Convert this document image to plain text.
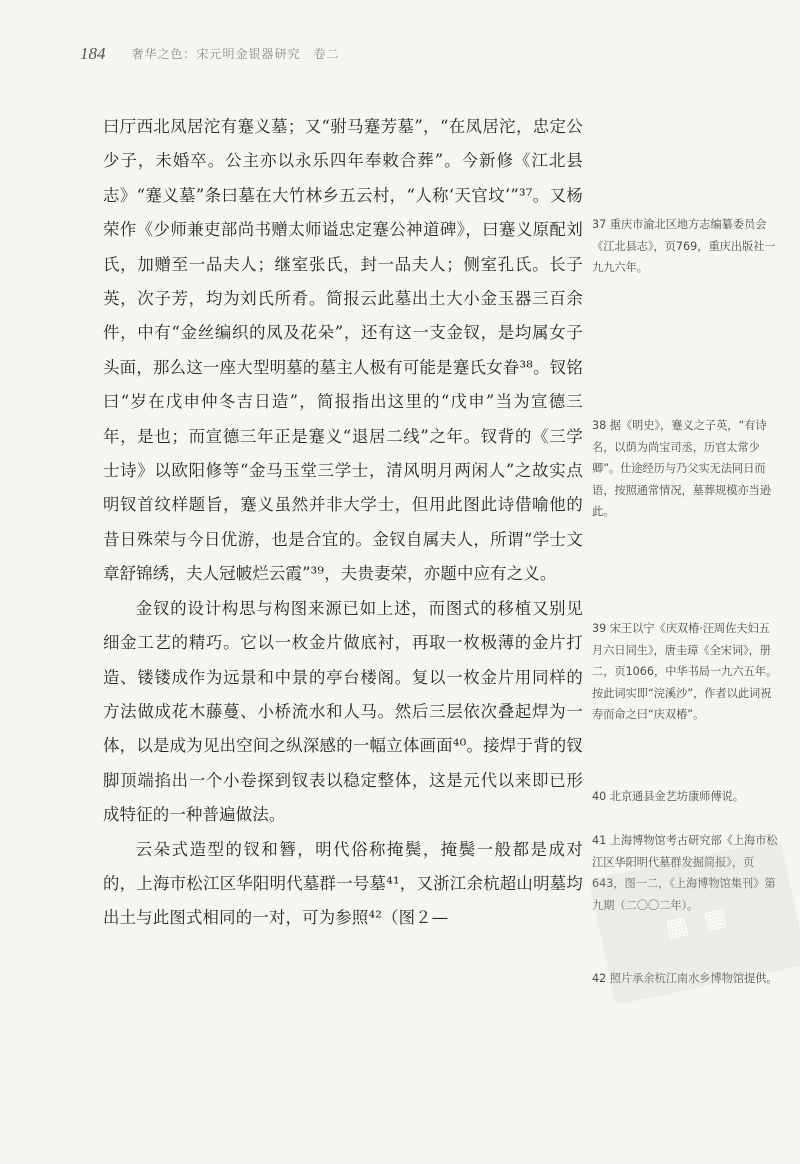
184 奢华之色：宋元明金银器研究　卷二

曰厅西北凤居沱有蹇义墓；又“驸马蹇芳墓”，“在凤居沱，忠定公少子，未婚卒。公主亦以永乐四年奉敕合葬”。今新修《江北县志》“蹇义墓”条曰墓在大竹林乡五云村，“人称‘天官坟’”³⁷。又杨荣作《少师兼吏部尚书赠太师谥忠定蹇公神道碑》，曰蹇义原配刘氏，加赠至一品夫人；继室张氏，封一品夫人；侧室孔氏。长子英，次子芳，均为刘氏所肴。简报云此墓出土大小金玉器三百余件，中有“金丝编织的凤及花朵”，还有这一支金钗，是均属女子头面，那么这一座大型明墓的墓主人极有可能是蹇氏女眷³⁸。钗铭曰“岁在戊申仲冬吉日造”，简报指出这里的“戊申”当为宣德三年，是也；而宣德三年正是蹇义“退居二线”之年。钗背的《三学士诗》以欧阳修等“金马玉堂三学士，清风明月两闲人”之故实点明钗首纹样题旨，蹇义虽然并非大学士，但用此图此诗借喻他的昔日殊荣与今日优游，也是合宜的。金钗自属夫人，所谓“学士文章舒锦绣，夫人冠帔烂云霞”³⁹，夫贵妻荣，亦题中应有之义。

金钗的设计构思与构图来源已如上述，而图式的移植又别见细金工艺的精巧。它以一枚金片做底衬，再取一枚极薄的金片打造、镂镂成作为远景和中景的亭台楼阁。复以一枚金片用同样的方法做成花木藤蔓、小桥流水和人马。然后三层依次叠起焊为一体，以是成为见出空间之纵深感的一幅立体画面⁴⁰。接焊于背的钗脚顶端掐出一个小卷探到钗表以稳定整体，这是元代以来即已形成特征的一种普遍做法。

云朵式造型的钗和簪，明代俗称掩鬓，掩鬓一般都是成对的，上海市松江区华阳明代墓群一号墓⁴¹，又浙江余杭超山明墓均出土与此图式相同的一对，可为参照⁴²（图２—

37 重庆市渝北区地方志编纂委员会《江北县志》，页769，重庆出版社一九九六年。
38 据《明史》，蹇义之子英，“有诗名，以荫为尚宝司丞，历官太常少卿”。仕途经历与乃父实无法同日而语，按照通常情况，墓葬规模亦当逊此。
39 宋王以宁《庆双椿·汪周佐夫妇五月六日同生》，唐圭璋《全宋词》，册二，页1066，中华书局一九六五年。按此词实即“浣溪沙”，作者以此词祝寿而命之曰“庆双椿”。
40 北京通县金艺坊康师傅说。
41 上海博物馆考古研究部《上海市松江区华阳明代墓群发掘简报》，页643，图一二，《上海博物馆集刊》第九期（二〇〇二年）。
42 照片承余杭江南水乡博物馆提供。
▦ ▦
